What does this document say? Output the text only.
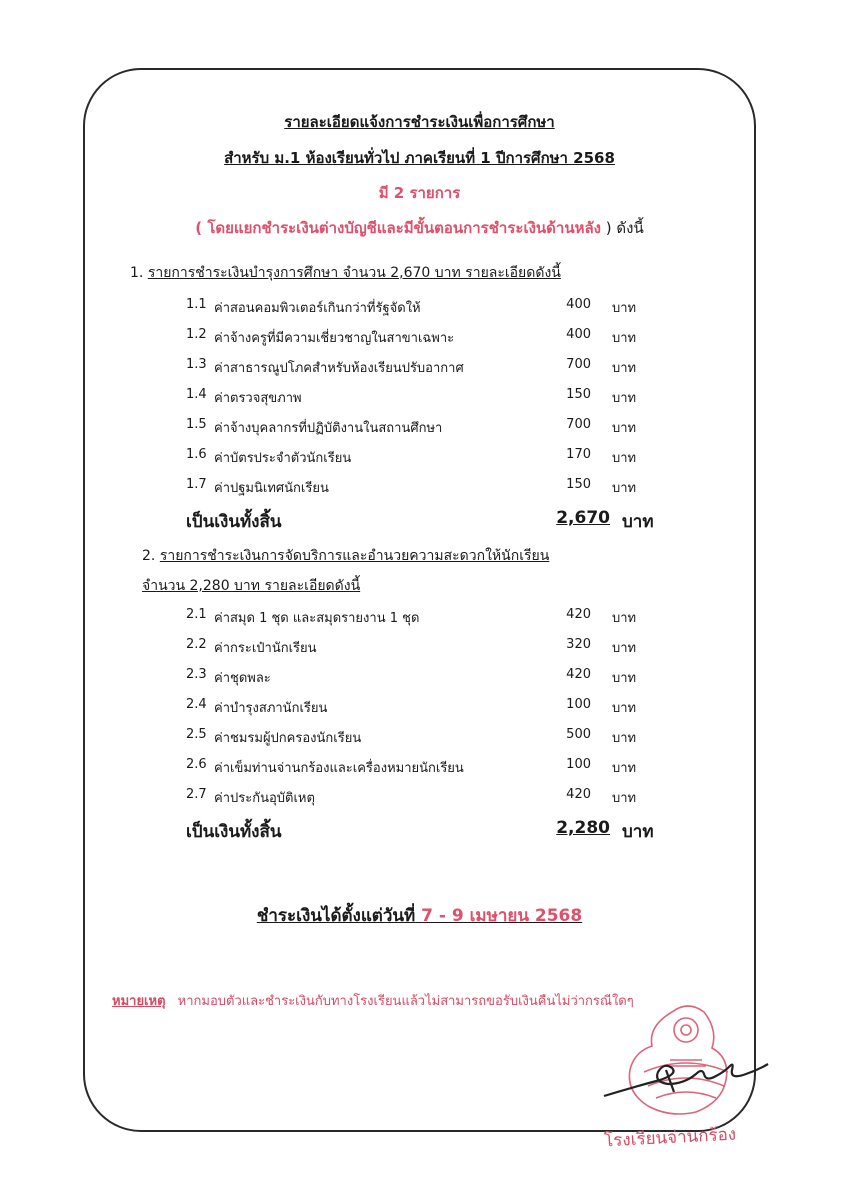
รายละเอียดแจ้งการชำระเงินเพื่อการศึกษา
สำหรับ ม.1 ห้องเรียนทั่วไป ภาคเรียนที่ 1 ปีการศึกษา 2568
มี 2 รายการ
( โดยแยกชำระเงินต่างบัญชีและมีขั้นตอนการชำระเงินด้านหลัง ) ดังนี้
1. รายการชำระเงินบำรุงการศึกษา จำนวน 2,670 บาท รายละเอียดดังนี้
1.1 ค่าสอนคอมพิวเตอร์เกินกว่าที่รัฐจัดให้	400 บาท
1.2 ค่าจ้างครูที่มีความเชี่ยวชาญในสาขาเฉพาะ	400 บาท
1.3 ค่าสาธารณูปโภคสำหรับห้องเรียนปรับอากาศ	700 บาท
1.4 ค่าตรวจสุขภาพ	150 บาท
1.5 ค่าจ้างบุคลากรที่ปฏิบัติงานในสถานศึกษา	700 บาท
1.6 ค่าบัตรประจำตัวนักเรียน	170 บาท
1.7 ค่าปฐมนิเทศนักเรียน	150 บาท
เป็นเงินทั้งสิ้น	2,670 บาท
2. รายการชำระเงินการจัดบริการและอำนวยความสะดวกให้นักเรียน
จำนวน 2,280 บาท รายละเอียดดังนี้
2.1 ค่าสมุด 1 ชุด และสมุดรายงาน 1 ชุด	420 บาท
2.2 ค่ากระเป๋านักเรียน	320 บาท
2.3 ค่าชุดพละ	420 บาท
2.4 ค่าบำรุงสภานักเรียน	100 บาท
2.5 ค่าชมรมผู้ปกครองนักเรียน	500 บาท
2.6 ค่าเข็มท่านจ่านกร้องและเครื่องหมายนักเรียน	100 บาท
2.7 ค่าประกันอุบัติเหตุ	420 บาท
เป็นเงินทั้งสิ้น	2,280 บาท
ชำระเงินได้ตั้งแต่วันที่ 7 - 9 เมษายน 2568
หมายเหตุ หากมอบตัวและชำระเงินกับทางโรงเรียนแล้วไม่สามารถขอรับเงินคืนไม่ว่ากรณีใดๆ
โรงเรียนจ่านกร้อง
